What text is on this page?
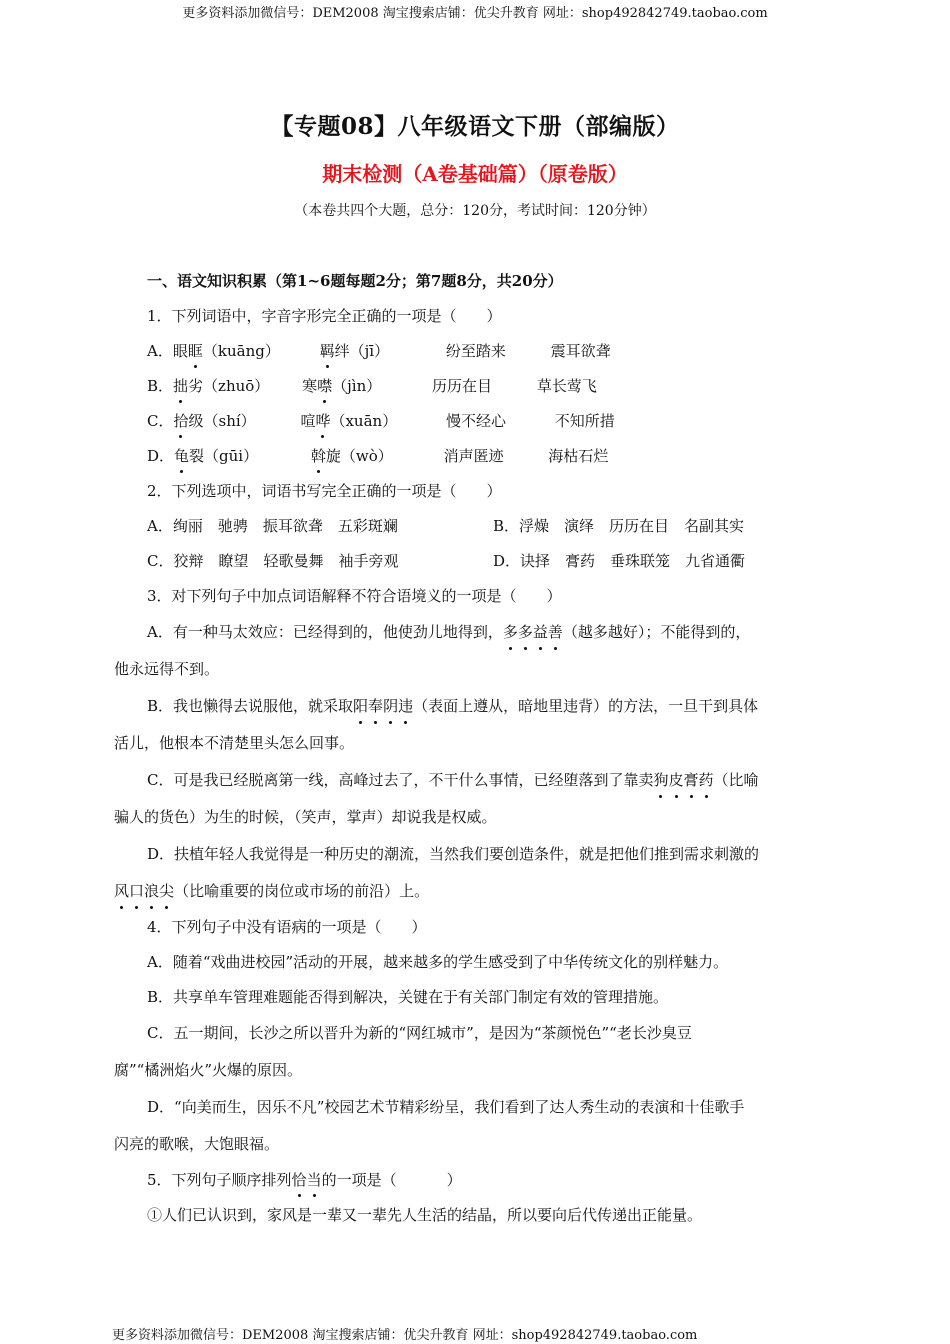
更多资料添加微信号：DEM2008 淘宝搜索店铺：优尖升教育 网址：shop492842749.taobao.com
【专题08】八年级语文下册（部编版）
期末检测（A卷基础篇）（原卷版）
（本卷共四个大题，总分：120分，考试时间：120分钟）
一、语文知识积累（第1~6题每题2分；第7题8分，共20分）
1．下列词语中，字音字形完全正确的一项是（ ）
A．眼眶（kuāng）	羁绊（jī）	纷至踏来	震耳欲聋
B．拙劣（zhuō） 寒噤（jìn）	历历在目	草长莺飞
C．拾级（shí）	喧哗（xuān）	慢不经心	不知所措
D．龟裂（gūi）	斡旋（wò）	消声匿迹	海枯石烂
2．下列选项中，词语书写完全正确的一项是（ ）
A．绚丽　驰骋　振耳欲聋　五彩斑斓	B．浮燥　演绎　历历在目　名副其实
C．狡辩　瞭望　轻歌曼舞　袖手旁观	D．诀择　膏药　垂珠联笼　九省通衢
3．对下列句子中加点词语解释不符合语境义的一项是（ ）
A．有一种马太效应：已经得到的，他使劲儿地得到，多多益善（越多越好）；不能得到的，
他永远得不到。
B．我也懒得去说服他，就采取阳奉阴违（表面上遵从，暗地里违背）的方法，一旦干到具体
活儿，他根本不清楚里头怎么回事。
C．可是我已经脱离第一线，高峰过去了，不干什么事情，已经堕落到了靠卖狗皮膏药（比喻
骗人的货色）为生的时候，（笑声，掌声）却说我是权威。
D．扶植年轻人我觉得是一种历史的潮流，当然我们要创造条件，就是把他们推到需求刺激的
风口浪尖（比喻重要的岗位或市场的前沿）上。
4．下列句子中没有语病的一项是（ ）
A．随着“戏曲进校园”活动的开展，越来越多的学生感受到了中华传统文化的别样魅力。
B．共享单车管理难题能否得到解决，关键在于有关部门制定有效的管理措施。
C．五一期间，长沙之所以晋升为新的“网红城市”，是因为“茶颜悦色”“老长沙臭豆
腐”“橘洲焰火”火爆的原因。
D．“向美而生，因乐不凡”校园艺术节精彩纷呈，我们看到了达人秀生动的表演和十佳歌手
闪亮的歌喉，大饱眼福。
5．下列句子顺序排列恰当的一项是（	）
①人们已认识到，家风是一辈又一辈先人生活的结晶，所以要向后代传递出正能量。
更多资料添加微信号：DEM2008 淘宝搜索店铺：优尖升教育 网址：shop492842749.taobao.com
